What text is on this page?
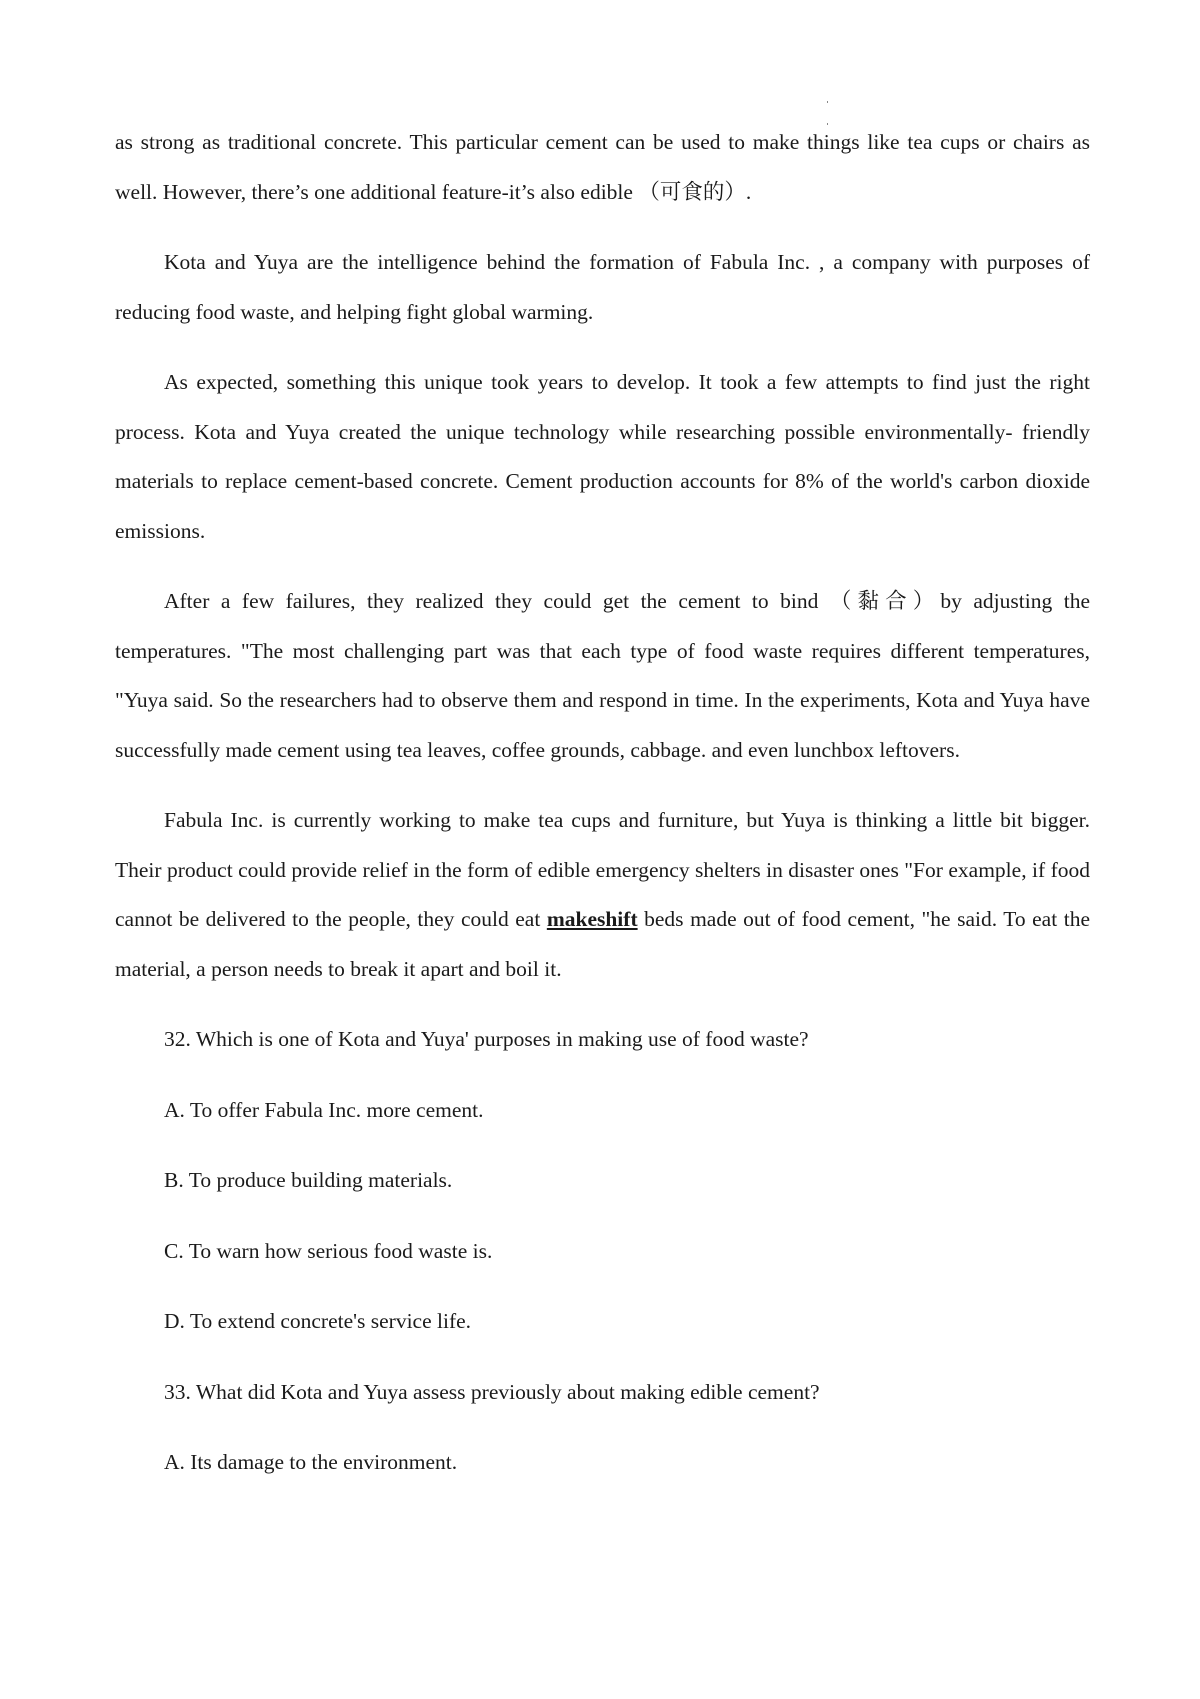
as strong as traditional concrete. This particular cement can be used to make things like tea cups or chairs as well. However, there’s one additional feature-it’s also edible （可食的）.

Kota and Yuya are the intelligence behind the formation of Fabula Inc. , a company with purposes of reducing food waste, and helping fight global warming.

As expected, something this unique took years to develop. It took a few attempts to find just the right process. Kota and Yuya created the unique technology while researching possible environmentally- friendly materials to replace cement-based concrete. Cement production accounts for 8% of the world's carbon dioxide emissions.

After a few failures, they realized they could get the cement to bind （黏合）by adjusting the temperatures. "The most challenging part was that each type of food waste requires different temperatures, "Yuya said. So the researchers had to observe them and respond in time. In the experiments, Kota and Yuya have successfully made cement using tea leaves, coffee grounds, cabbage. and even lunchbox leftovers.

Fabula Inc. is currently working to make tea cups and furniture, but Yuya is thinking a little bit bigger. Their product could provide relief in the form of edible emergency shelters in disaster ones "For example, if food cannot be delivered to the people, they could eat makeshift beds made out of food cement, "he said. To eat the material, a person needs to break it apart and boil it.

32. Which is one of Kota and Yuya' purposes in making use of food waste?
A. To offer Fabula Inc. more cement.
B. To produce building materials.
C. To warn how serious food waste is.
D. To extend concrete's service life.
33. What did Kota and Yuya assess previously about making edible cement?
A. Its damage to the environment.
